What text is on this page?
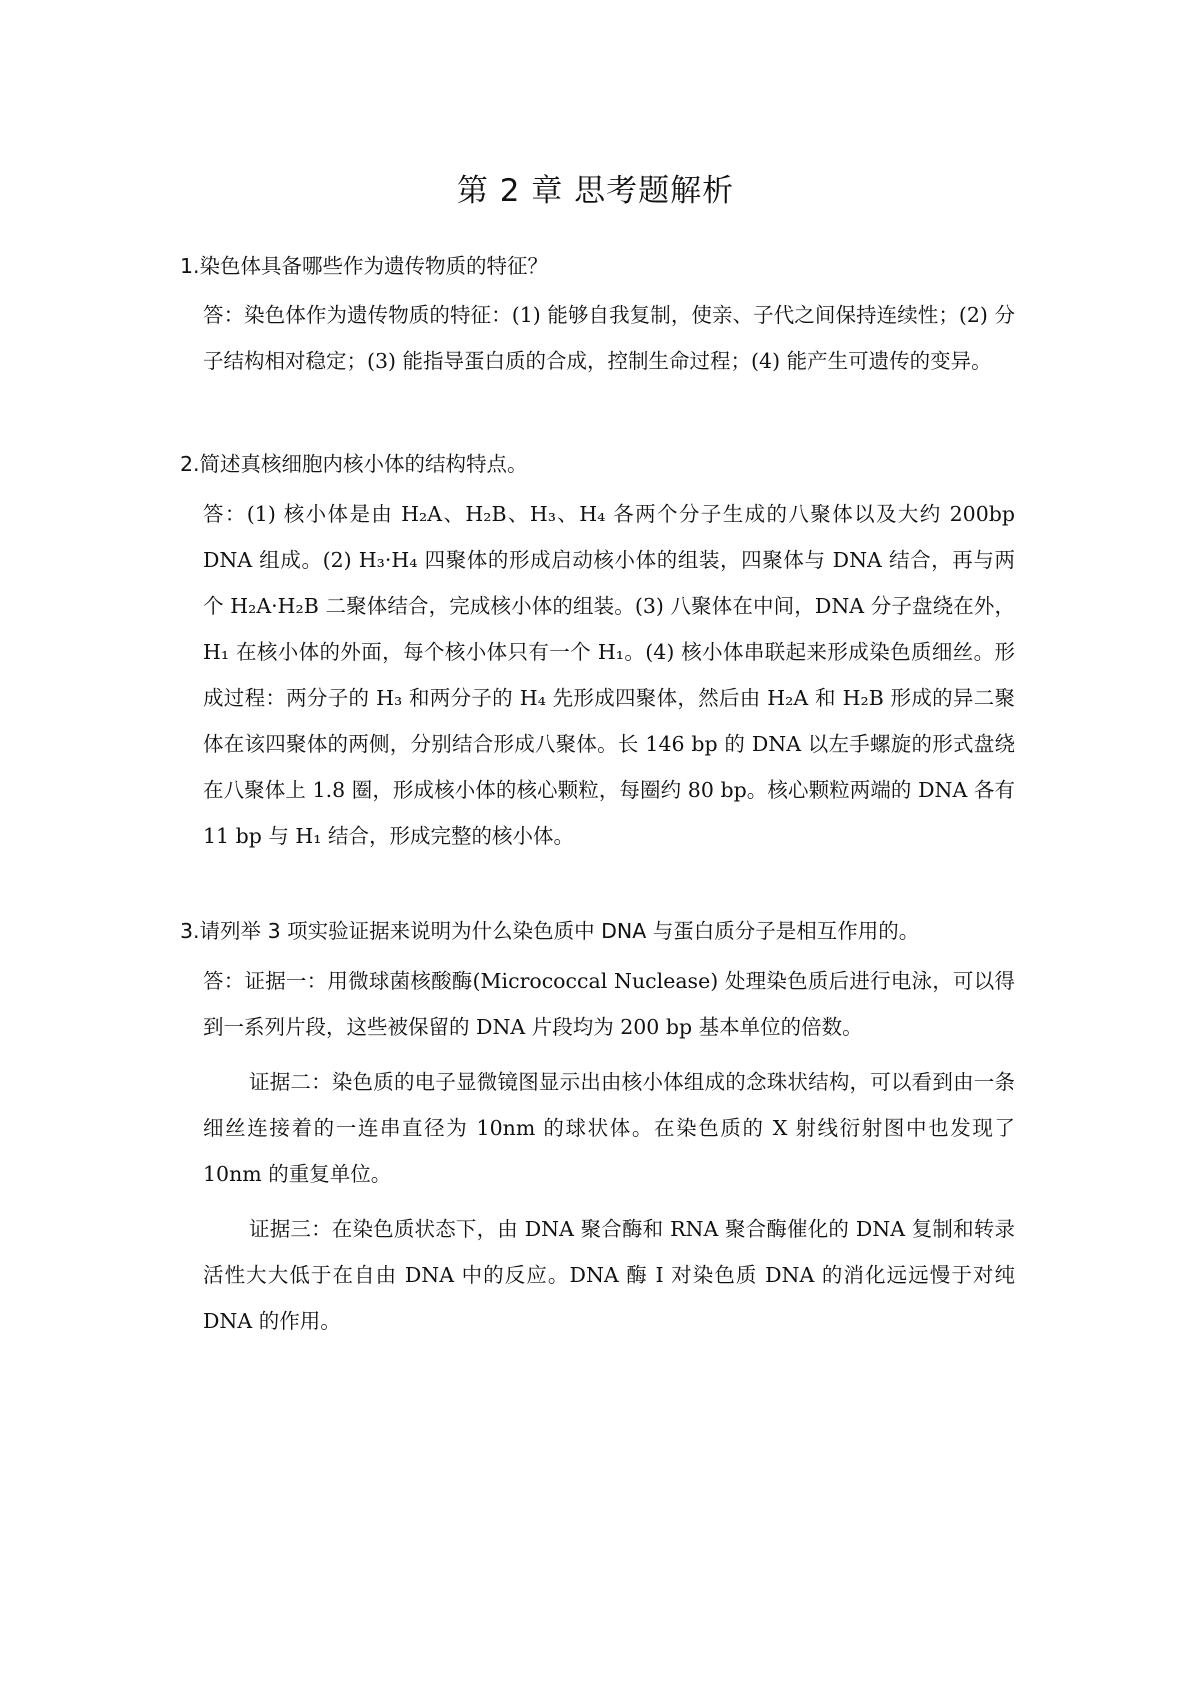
第 2 章 思考题解析
1.染色体具备哪些作为遗传物质的特征？

答：染色体作为遗传物质的特征：(1) 能够自我复制，使亲、子代之间保持连续性；(2) 分子结构相对稳定；(3) 能指导蛋白质的合成，控制生命过程；(4) 能产生可遗传的变异。

2.简述真核细胞内核小体的结构特点。

答：(1) 核小体是由 H₂A、H₂B、H₃、H₄ 各两个分子生成的八聚体以及大约 200bp DNA 组成。(2) H₃·H₄ 四聚体的形成启动核小体的组装，四聚体与 DNA 结合，再与两个 H₂A·H₂B 二聚体结合，完成核小体的组装。(3) 八聚体在中间，DNA 分子盘绕在外， H₁ 在核小体的外面，每个核小体只有一个 H₁。(4) 核小体串联起来形成染色质细丝。形成过程：两分子的 H₃ 和两分子的 H₄ 先形成四聚体，然后由 H₂A 和 H₂B 形成的异二聚体在该四聚体的两侧，分别结合形成八聚体。长 146 bp 的 DNA 以左手螺旋的形式盘绕在八聚体上 1.8 圈，形成核小体的核心颗粒，每圈约 80 bp。核心颗粒两端的 DNA 各有 11 bp 与 H₁ 结合，形成完整的核小体。

3.请列举 3 项实验证据来说明为什么染色质中 DNA 与蛋白质分子是相互作用的。

答：证据一：用微球菌核酸酶(Micrococcal Nuclease) 处理染色质后进行电泳，可以得到一系列片段，这些被保留的 DNA 片段均为 200 bp 基本单位的倍数。

证据二：染色质的电子显微镜图显示出由核小体组成的念珠状结构，可以看到由一条细丝连接着的一连串直径为 10nm 的球状体。在染色质的 X 射线衍射图中也发现了 10nm 的重复单位。

证据三：在染色质状态下，由 DNA 聚合酶和 RNA 聚合酶催化的 DNA 复制和转录活性大大低于在自由 DNA 中的反应。DNA 酶 I 对染色质 DNA 的消化远远慢于对纯 DNA 的作用。
